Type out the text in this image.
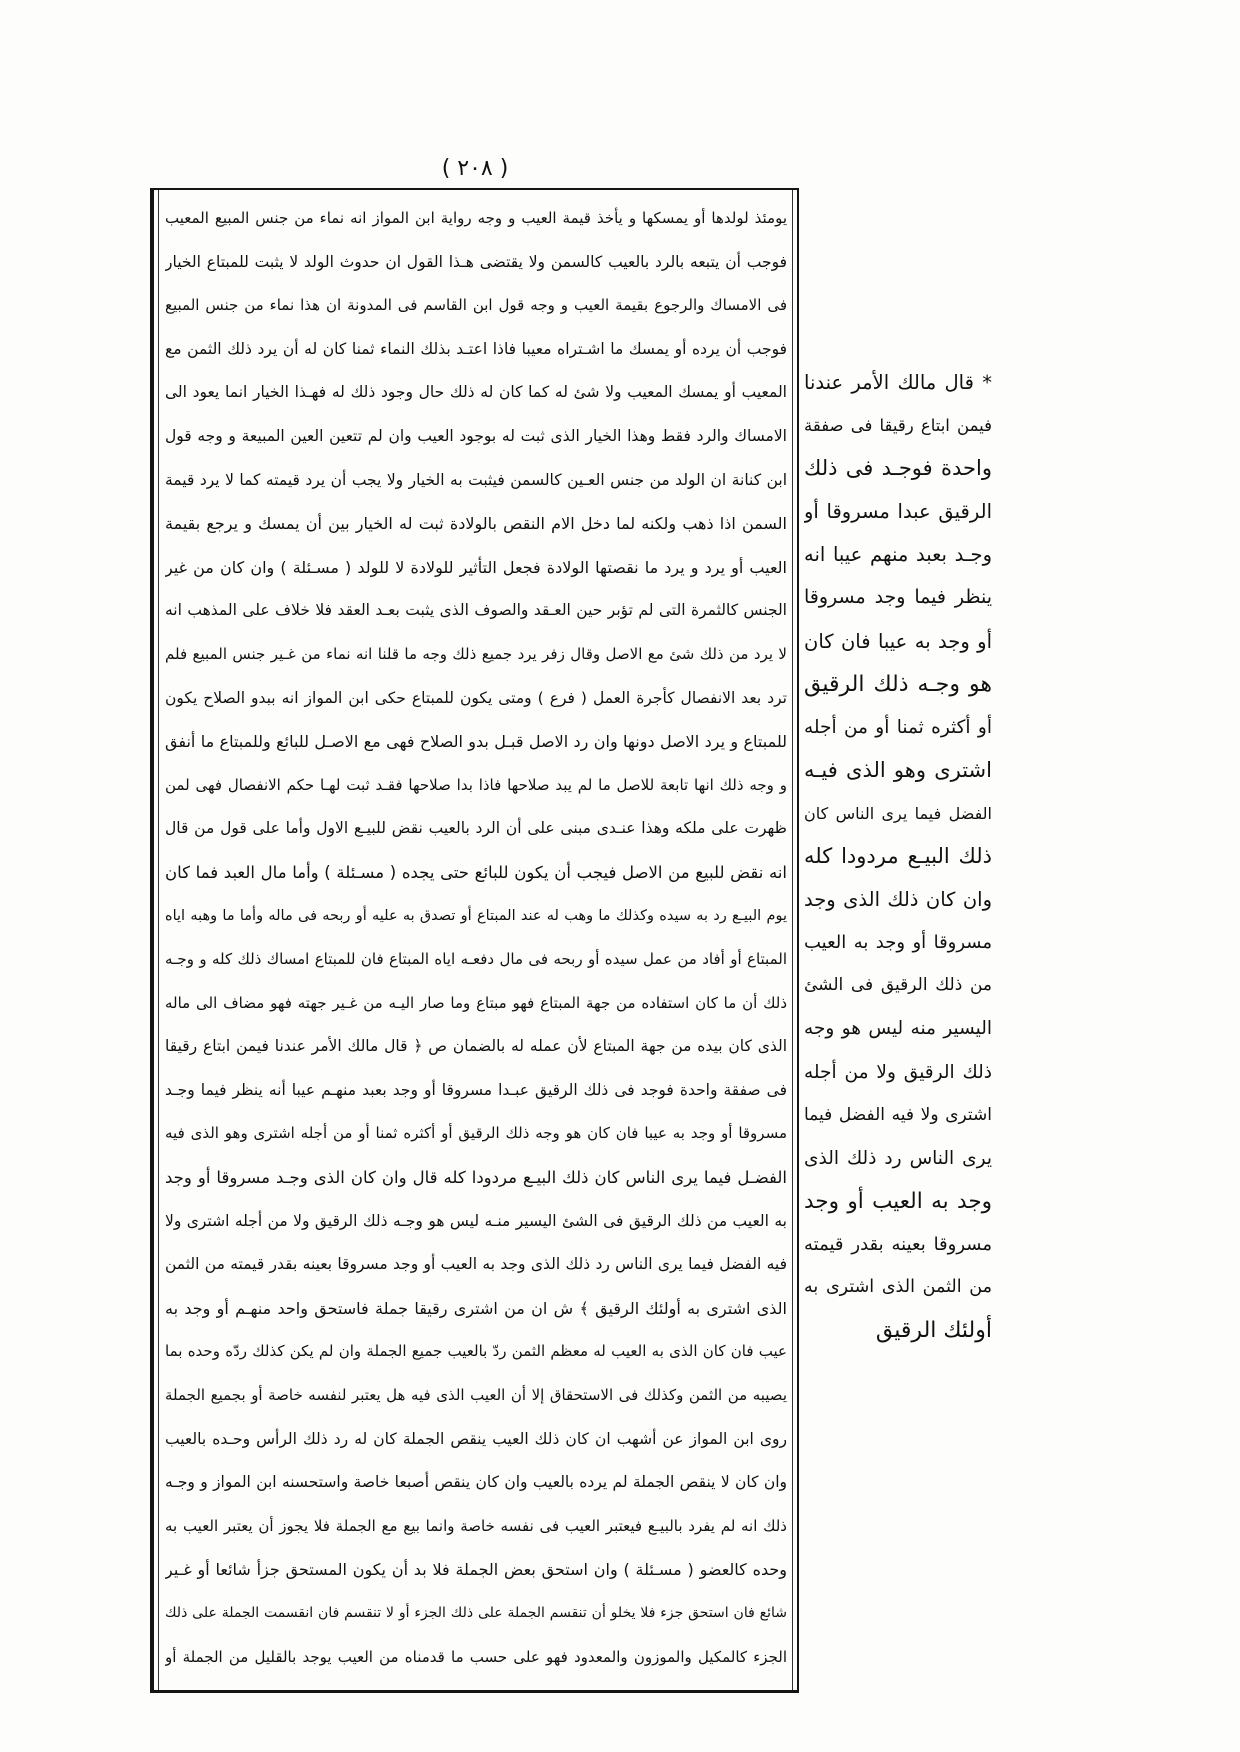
( ٢٠٨ )
يومئذ لولدها أو يمسكها و يأخذ قيمة العيب و وجه رواية ابن المواز انه نماء من جنس المبيع المعيب
فوجب أن يتبعه بالرد بالعيب كالسمن ولا يقتضى هـذا القول ان حدوث الولد لا يثبت للمبتاع الخيار
فى الامساك والرجوع بقيمة العيب و وجه قول ابن القاسم فى المدونة ان هذا نماء من جنس المبيع
فوجب أن يرده أو يمسك ما اشـتراه معيبا فاذا اعتـد بذلك النماء ثمنا كان له أن يرد ذلك الثمن مع
المعيب أو يمسك المعيب ولا شئ له كما كان له ذلك حال وجود ذلك له فهـذا الخيار انما يعود الى
الامساك والرد فقط وهذا الخيار الذى ثبت له بوجود العيب وان لم تتعين العين المبيعة و وجه قول
ابن كنانة ان الولد من جنس العـين كالسمن فيثبت به الخيار ولا يجب أن يرد قيمته كما لا يرد قيمة
السمن اذا ذهب ولكنه لما دخل الام النقص بالولادة ثبت له الخيار بين أن يمسك و يرجع بقيمة
العيب أو يرد و يرد ما نقصتها الولادة فجعل التأثير للولادة لا للولد ( مسـئلة ) وان كان من غير
الجنس كالثمرة التى لم تؤبر حين العـقد والصوف الذى يثبت بعـد العقد فلا خلاف على المذهب انه
لا يرد من ذلك شئ مع الاصل وقال زفر يرد جميع ذلك وجه ما قلنا انه نماء من غـير جنس المبيع فلم
ترد بعد الانفصال كأجرة العمل ( فرع ) ومتى يكون للمبتاع حكى ابن المواز انه ببدو الصلاح يكون
للمبتاع و يرد الاصل دونها وان رد الاصل قبـل بدو الصلاح فهى مع الاصـل للبائع وللمبتاع ما أنفق
و وجه ذلك انها تابعة للاصل ما لم يبد صلاحها فاذا بدا صلاحها فقـد ثبت لهـا حكم الانفصال فهى لمن
ظهرت على ملكه وهذا عنـدى مبنى على أن الرد بالعيب نقض للبيـع الاول وأما على قول من قال
انه نقض للبيع من الاصل فيجب أن يكون للبائع حتى يجده ( مسـئلة ) وأما مال العبد فما كان
يوم البيـع رد به سيده وكذلك ما وهب له عند المبتاع أو تصدق به عليه أو ربحه فى ماله وأما ما وهبه اياه
المبتاع أو أفاد من عمل سيده أو ربحه فى مال دفعـه اياه المبتاع فان للمبتاع امساك ذلك كله و وجـه
ذلك أن ما كان استفاده من جهة المبتاع فهو مبتاع وما صار اليـه من غـير جهته فهو مضاف الى ماله
الذى كان بيده من جهة المبتاع لأن عمله له بالضمان ص ﴿ قال مالك الأمر عندنا فيمن ابتاع رقيقا
فى صفقة واحدة فوجد فى ذلك الرقيق عبـدا مسروقا أو وجد بعبد منهـم عيبا أنه ينظر فيما وجـد
مسروقا أو وجد به عيبا فان كان هو وجه ذلك الرقيق أو أكثره ثمنا أو من أجله اشترى وهو الذى فيه
الفضـل فيما يرى الناس كان ذلك البيـع مردودا كله قال وان كان الذى وجـد مسروقا أو وجد
به العيب من ذلك الرقيق فى الشئ اليسير منـه ليس هو وجـه ذلك الرقيق ولا من أجله اشترى ولا
فيه الفضل فيما يرى الناس رد ذلك الذى وجد به العيب أو وجد مسروقا بعينه بقدر قيمته من الثمن
الذى اشترى به أولئك الرقيق ﴾ ش ان من اشترى رقيقا جملة فاستحق واحد منهـم أو وجد به
عيب فان كان الذى به العيب له معظم الثمن ردّ بالعيب جميع الجملة وان لم يكن كذلك ردّه وحده بما
يصيبه من الثمن وكذلك فى الاستحقاق إلا أن العيب الذى فيه هل يعتبر لنفسه خاصة أو بجميع الجملة
روى ابن المواز عن أشهب ان كان ذلك العيب ينقص الجملة كان له رد ذلك الرأس وحـده بالعيب
وان كان لا ينقص الجملة لم يرده بالعيب وان كان ينقص أصبعا خاصة واستحسنه ابن المواز و وجـه
ذلك انه لم يفرد بالبيـع فيعتبر العيب فى نفسه خاصة وانما بيع مع الجملة فلا يجوز أن يعتبر العيب به
وحده كالعضو ( مسـئلة ) وان استحق بعض الجملة فلا بد أن يكون المستحق جزأ شائعا أو غـير
شائع فان استحق جزء فلا يخلو أن تنقسم الجملة على ذلك الجزء أو لا تنقسم فان انقسمت الجملة على ذلك
الجزء كالمكيل والموزون والمعدود فهو على حسب ما قدمناه من العيب يوجد بالقليل من الجملة أو
* قال مالك الأمر عندنا
فيمن ابتاع رقيقا فى صفقة
واحدة فوجـد فى ذلك
الرقيق عبدا مسروقا أو
وجـد بعبد منهم عيبا انه
ينظر فيما وجد مسروقا
أو وجد به عيبا فان كان
هو وجـه ذلك الرقيق
أو أكثره ثمنا أو من أجله
اشترى وهو الذى فيـه
الفضل فيما يرى الناس كان
ذلك البيـع مردودا كله
وان كان ذلك الذى وجد
مسروقا أو وجد به العيب
من ذلك الرقيق فى الشئ
اليسير منه ليس هو وجه
ذلك الرقيق ولا من أجله
اشترى ولا فيه الفضل فيما
يرى الناس رد ذلك الذى
وجد به العيب أو وجد
مسروقا بعينه بقدر قيمته
من الثمن الذى اشترى به
أولئك الرقيق
